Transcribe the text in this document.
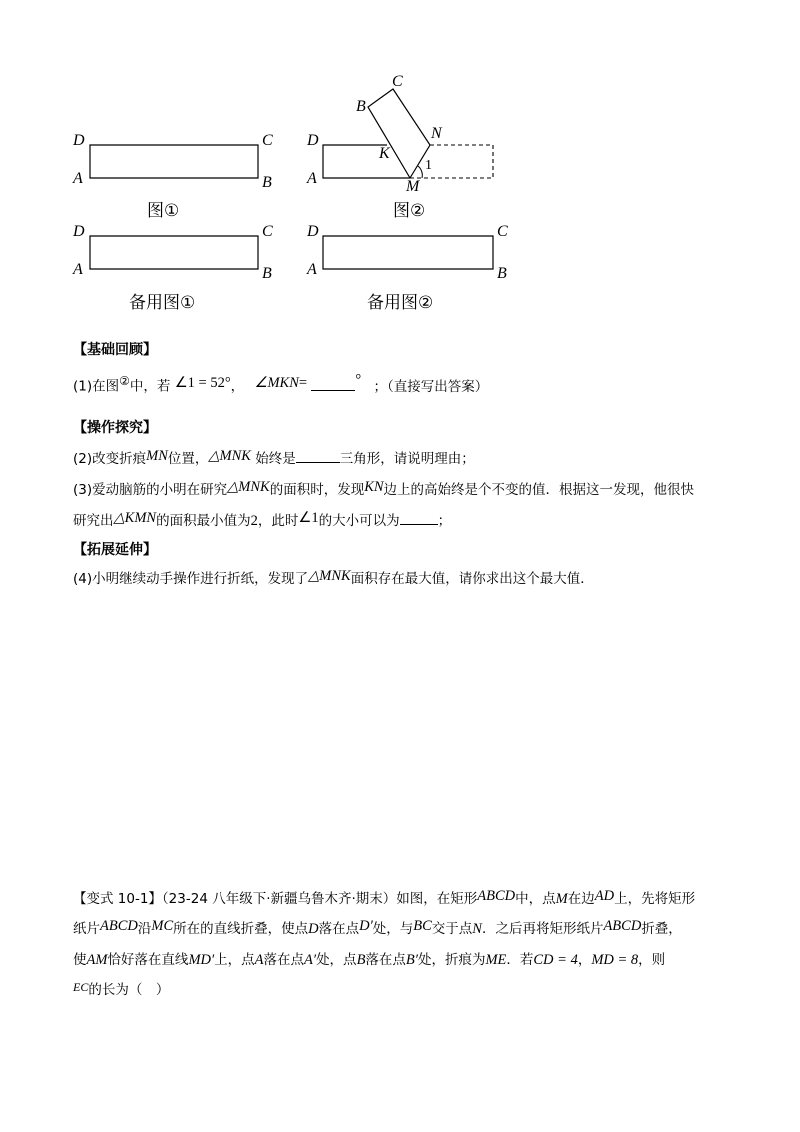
D	C
A	B
图①
C
B
N
D
K
1
A	M
图②
D	C
A	B
备用图①
D	C
A	B
备用图②
【基础回顾】
(1)在图②中，若 ∠1 = 52°， ∠MKN=	° ；（直接写出答案）
【操作探究】
(2)改变折痕MN位置，△MNK 始终是	三角形，请说明理由；
(3)爱动脑筋的小明在研究△MNK的面积时，发现KN边上的高始终是个不变的值．根据这一发现，他很快
研究出△KMN的面积最小值为2，此时∠1的大小可以为	；
【拓展延伸】
(4)小明继续动手操作进行折纸，发现了△MNK面积存在最大值，请你求出这个最大值．
【变式 10-1】（23-24 八年级下·新疆乌鲁木齐·期末）如图，在矩形ABCD中，点M在边AD上，先将矩形
纸片ABCD沿MC所在的直线折叠，使点D落在点D′处，与BC交于点N．之后再将矩形纸片ABCD折叠，
使AM恰好落在直线MD′上，点A落在点A′处，点B落在点B′处，折痕为ME．若CD = 4，MD = 8，则
EC的长为（　）
